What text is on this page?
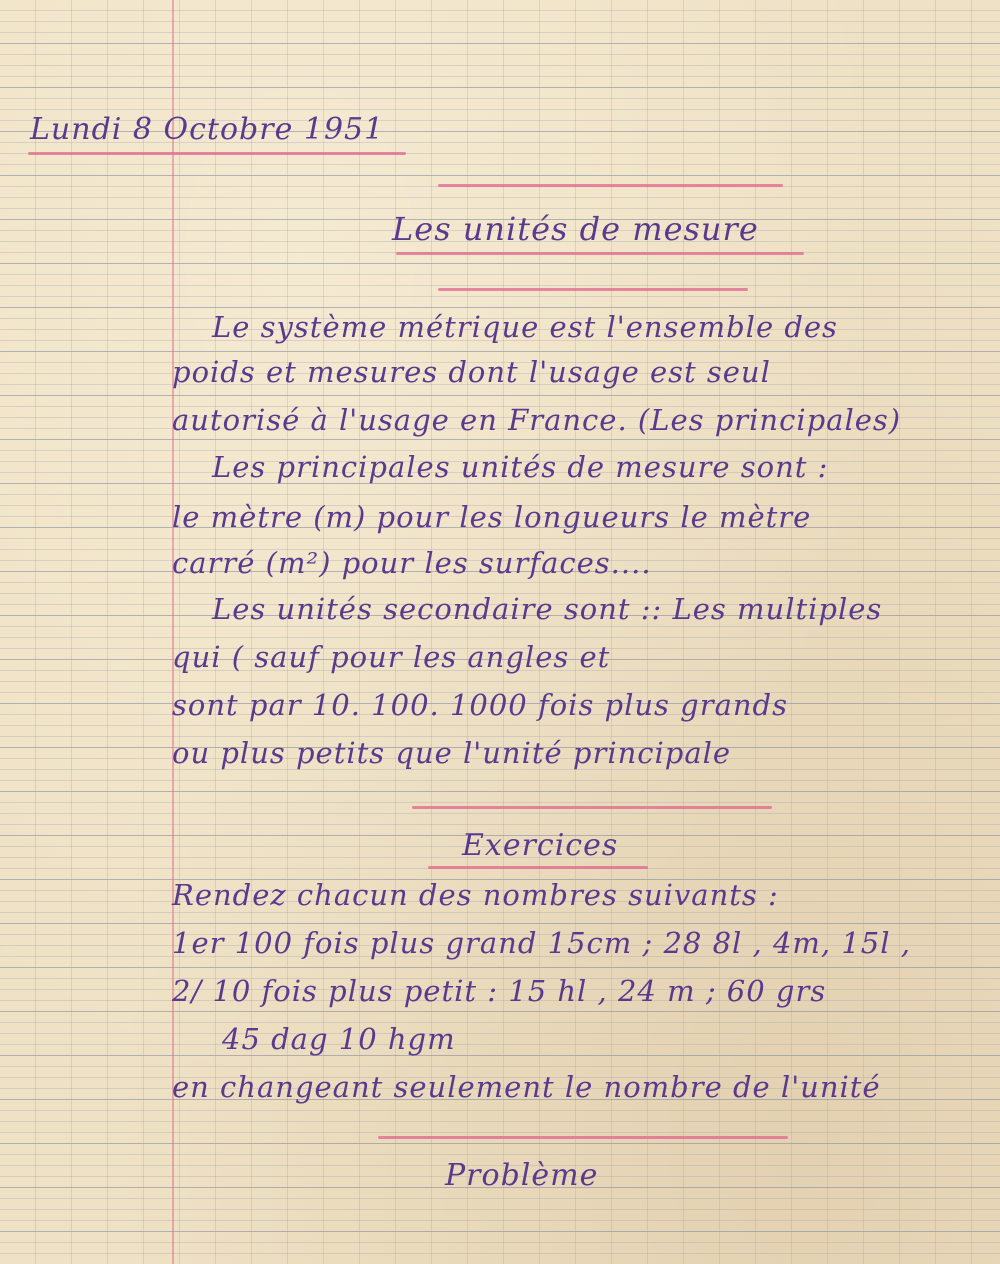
Lundi 8 Octobre 1951
Les unités de mesure
Le système métrique est l'ensemble des
poids et mesures dont l'usage est seul
autorisé à l'usage en France. (Les principales)
Les principales unités de mesure sont :
le mètre (m) pour les longueurs le mètre
carré (m²) pour les surfaces....
Les unités secondaire sont :: Les multiples
qui ( sauf pour les angles et
sont par 10. 100. 1000 fois plus grands
ou plus petits que l'unité principale
Exercices
Rendez chacun des nombres suivants :
1er 100 fois plus grand 15cm ; 28 8l , 4m, 15l ,
2/ 10 fois plus petit : 15 hl , 24 m ; 60 grs
45 dag 10 hgm
en changeant seulement le nombre de l'unité
Problème
